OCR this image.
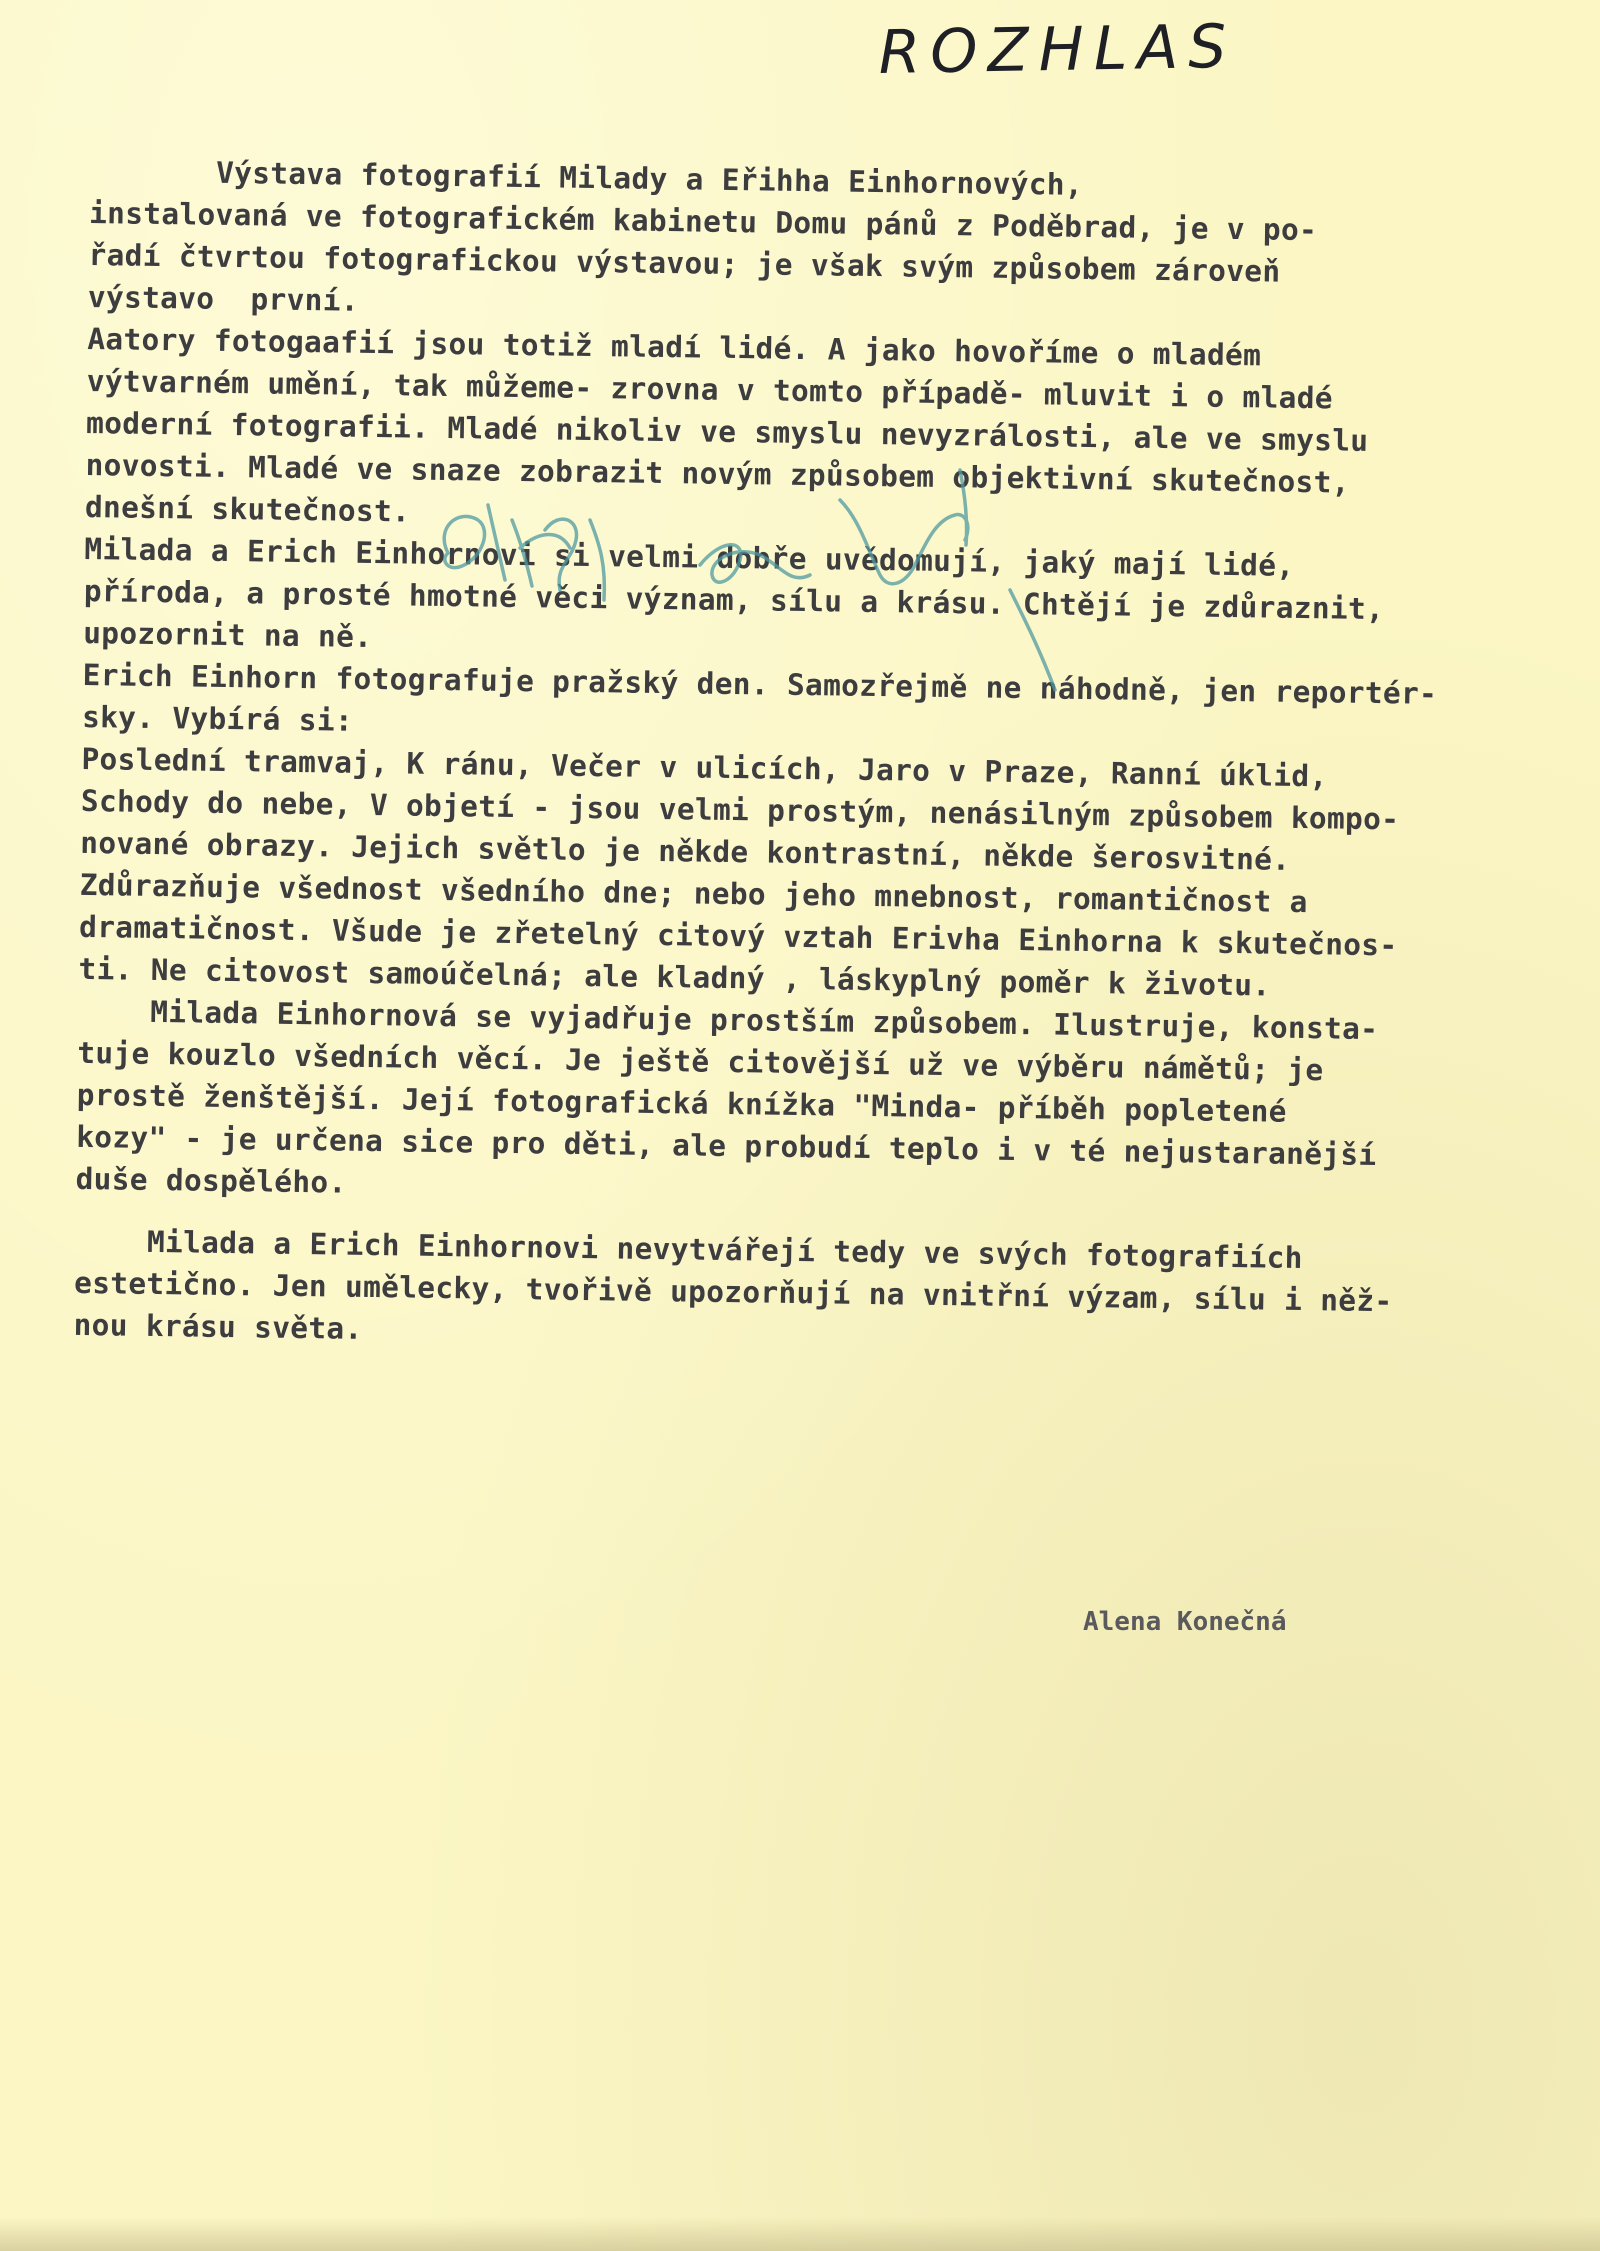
ROZHLAS
Výstava fotografií Milady a Eřihha Einhornových,
instalovaná ve fotografickém kabinetu Domu pánů z Poděbrad, je v po-
řadí čtvrtou fotografickou výstavou; je však svým způsobem zároveň
výstavo  první.
Aatory fotogaafií jsou totiž mladí lidé. A jako hovoříme o mladém
výtvarném umění, tak můžeme- zrovna v tomto případě- mluvit i o mladé
moderní fotografii. Mladé nikoliv ve smyslu nevyzrálosti, ale ve smyslu
novosti. Mladé ve snaze zobrazit novým způsobem objektivní skutečnost,
dnešní skutečnost.
Milada a Erich Einhornovi si velmi dobře uvědomují, jaký mají lidé,
příroda, a prosté hmotné věci význam, sílu a krásu. Chtějí je zdůraznit,
upozornit na ně.
Erich Einhorn fotografuje pražský den. Samozřejmě ne náhodně, jen reportér-
sky. Vybírá si:
Poslední tramvaj, K ránu, Večer v ulicích, Jaro v Praze, Ranní úklid,
Schody do nebe, V objetí - jsou velmi prostým, nenásilným způsobem kompo-
nované obrazy. Jejich světlo je někde kontrastní, někde šerosvitné.
Zdůrazňuje všednost všedního dne; nebo jeho mnebnost, romantičnost a
dramatičnost. Všude je zřetelný citový vztah Erivha Einhorna k skutečnos-
ti. Ne citovost samoúčelná; ale kladný , láskyplný poměr k životu.
Milada Einhornová se vyjadřuje prostším způsobem. Ilustruje, konsta-
tuje kouzlo všedních věcí. Je ještě citovější už ve výběru námětů; je
prostě ženštější. Její fotografická knížka "Minda- příběh popletené
kozy" - je určena sice pro děti, ale probudí teplo i v té nejustaranější
duše dospělého.
Milada a Erich Einhornovi nevytvářejí tedy ve svých fotografiích
estetično. Jen umělecky, tvořivě upozorňují na vnitřní výzam, sílu i něž-
nou krásu světa.
Alena Konečná
